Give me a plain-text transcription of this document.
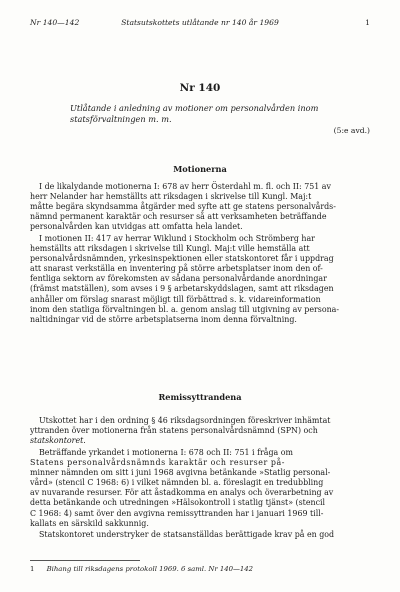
Nr 140—142	Statsutskottets utlåtande nr 140 år 1969	1
Nr 140
Utlåtande i anledning av motioner om personalvården inom
statsförvaltningen m. m.
(5:e avd.)
Motionerna
I de likalydande motionerna I: 678 av herr Österdahl m. fl. och II: 751 av
herr Nelander har hemställts att riksdagen i skrivelse till Kungl. Maj:t
måtte begära skyndsamma åtgärder med syfte att ge statens personalvårds-
nämnd permanent karaktär och resurser så att verksamheten beträffande
personalvården kan utvidgas att omfatta hela landet.
I motionen II: 417 av herrar Wiklund i Stockholm och Strömberg har
hemställts att riksdagen i skrivelse till Kungl. Maj:t ville hemställa att
personalvårdsnämnden, yrkesinspektionen eller statskontoret får i uppdrag
att snarast verkställa en inventering på större arbetsplatser inom den of-
fentliga sektorn av förekomsten av sådana personalvårdande anordningar
(främst matställen), som avses i 9 § arbetarskyddslagen, samt att riksdagen
anhåller om förslag snarast möjligt till förbättrad s. k. vidareinformation
inom den statliga förvaltningen bl. a. genom anslag till utgivning av persona-
naltidningar vid de större arbetsplatserna inom denna förvaltning.
Remissyttrandena
Utskottet har i den ordning § 46 riksdagsordningen föreskriver inhämtat
yttranden över motionerna från statens personalvårdsnämnd (SPN) och
statskontoret.
Beträffande yrkandet i motionerna I: 678 och II: 751 i fråga om
Statens personalvårdsnämnds karaktär och resurser på-
minner nämnden om sitt i juni 1968 avgivna betänkande »Statlig personal-
vård» (stencil C 1968: 6) i vilket nämnden bl. a. föreslagit en tredubbling
av nuvarande resurser. För att åstadkomma en analys och överarbetning av
detta betänkande och utredningen »Hälsokontroll i statlig tjänst» (stencil
C 1968: 4) samt över den avgivna remissyttranden har i januari 1969 till-
kallats en särskild sakkunnig.
Statskontoret understryker de statsanställdas berättigade krav på en god
1 Bihang till riksdagens protokoll 1969. 6 saml. Nr 140—142
